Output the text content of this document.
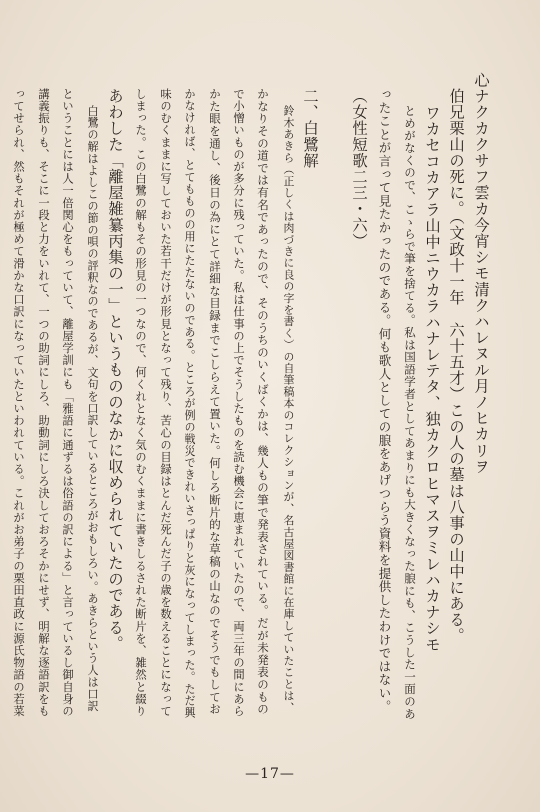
心ナクカクサフ雲カ今宵シモ清クハレヌル月ノヒカリヲ
伯兄栗山の死に。（文政十一年　六十五才）この人の墓は八事の山中にある。
ワカセコカアラ山中ニウカラハナレテタ、独カクロヒマスヲミレハカナシモ
とめがなくので、こゝらで筆を捨てる。私は国語学者としてあまりにも大きくなった朖にも、こうした一面のあ
ったことが言って見たかったのである。何も歌人としての朖をあげつらう資料を提供したわけではない。
（女性短歌二三・六）
二、白鷺解
鈴木あきら（正しくは肉づきに良の字を書く）の自筆稿本のコレクションが、名古屋図書館に在庫していたことは、
かなりその道では有名であったので、そのうちのいくばくかは、幾人もの筆で発表されている。だが未発表のもの
で小憎いものが多分に残っていた。私は仕事の上でそうしたものを読む機会に恵まれていたので、両三年の間にあら
かた眼を通し、後日の為にとて詳細な目録までこしらえて置いた。何しろ断片的な草稿の山なのでそうでもしてお
かなければ、とてもものの用にたたないのである。ところが例の戦災できれいさっぱりと灰になってしまった。ただ興
味のむくままに写しておいた若干だけが形見となって残り、苦心の目録はとんだ死んだ子の歳を数えることになって
しまった。この白鷺の解もその形見の一つなので、何くれとなく気のむくままに書きしるされた断片を、雑然と綴り
あわした「離屋雑纂丙集の一」というもののなかに収められていたのである。
白鷺の解はよしこの節の唄の評釈なのであるが、文句を口訳しているところがおもしろい。あきらという人は口訳
ということには人一倍関心をもっていて、離屋学訓にも「雅語に通ずるは俗語の訳による」と言っているし御自身の
講義振りも、そこに一段と力をいれて、一つの助詞にしろ、助動詞にしろ決しておろそかにせず、明解な逐語訳をも
ってせられ、然もそれが極めて滑かな口訳になっていたといわれている。これがお弟子の栗田直政に源氏物語の若菜
—17—
